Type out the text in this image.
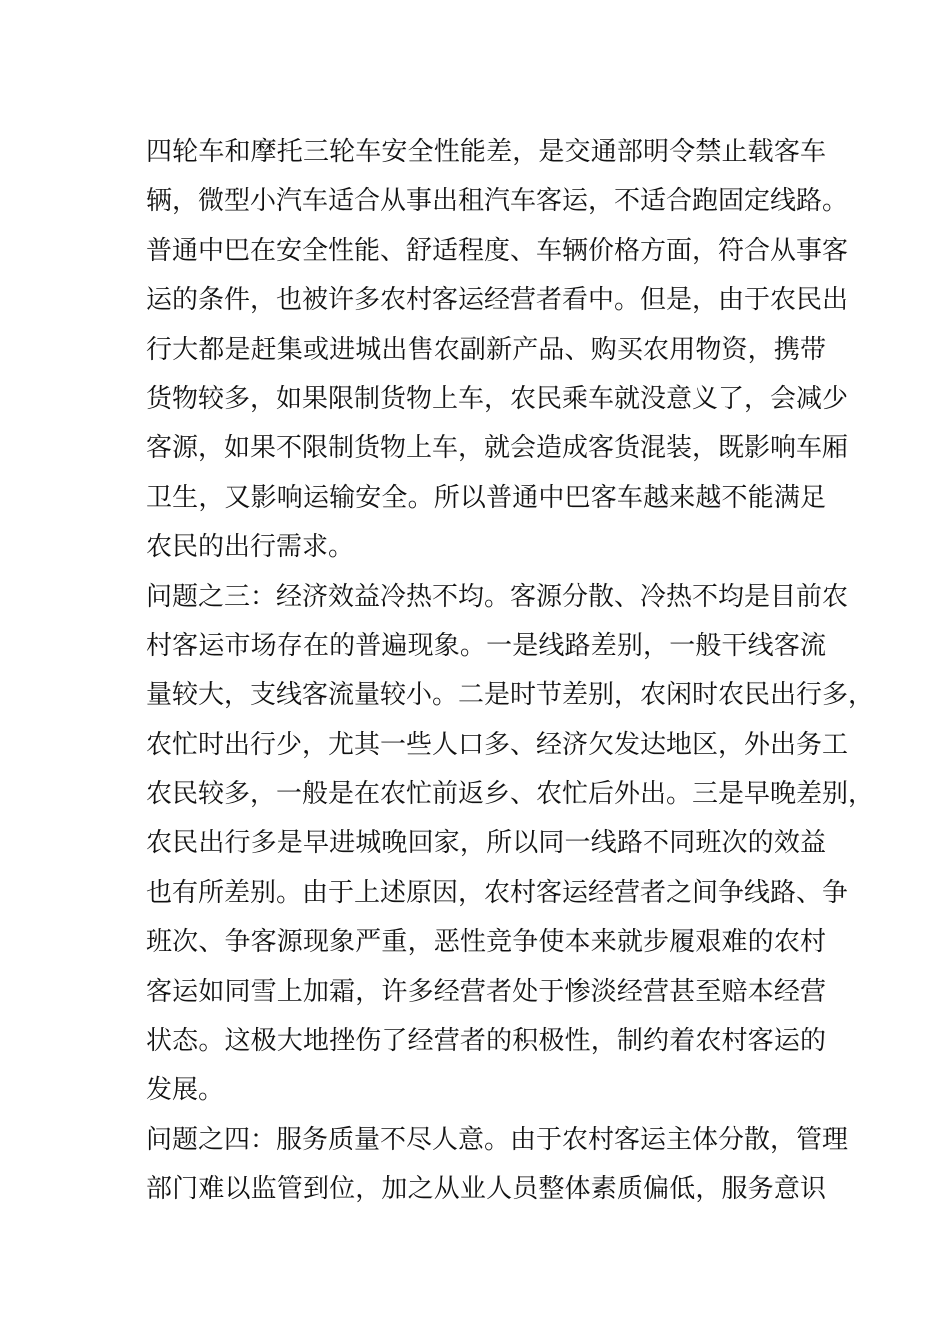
四轮车和摩托三轮车安全性能差，是交通部明令禁止载客车
辆，微型小汽车适合从事出租汽车客运，不适合跑固定线路。
普通中巴在安全性能、舒适程度、车辆价格方面，符合从事客
运的条件，也被许多农村客运经营者看中。但是，由于农民出
行大都是赶集或进城出售农副新产品、购买农用物资，携带
货物较多，如果限制货物上车，农民乘车就没意义了，会减少
客源，如果不限制货物上车，就会造成客货混装，既影响车厢
卫生，又影响运输安全。所以普通中巴客车越来越不能满足
农民的出行需求。
问题之三：经济效益冷热不均。客源分散、冷热不均是目前农
村客运市场存在的普遍现象。一是线路差别，一般干线客流
量较大，支线客流量较小。二是时节差别，农闲时农民出行多，
农忙时出行少，尤其一些人口多、经济欠发达地区，外出务工
农民较多，一般是在农忙前返乡、农忙后外出。三是早晚差别，
农民出行多是早进城晚回家，所以同一线路不同班次的效益
也有所差别。由于上述原因，农村客运经营者之间争线路、争
班次、争客源现象严重，恶性竞争使本来就步履艰难的农村
客运如同雪上加霜，许多经营者处于惨淡经营甚至赔本经营
状态。这极大地挫伤了经营者的积极性，制约着农村客运的
发展。
问题之四：服务质量不尽人意。由于农村客运主体分散，管理
部门难以监管到位，加之从业人员整体素质偏低，服务意识
